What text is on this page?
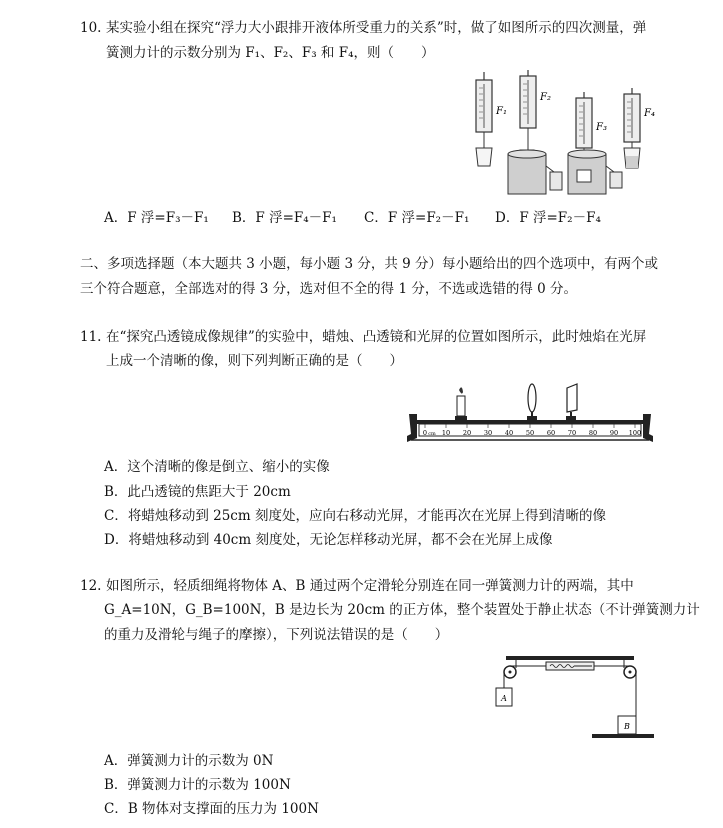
10. 某实验小组在探究“浮力大小跟排开液体所受重力的关系”时，做了如图所示的四次测量，弹
簧测力计的示数分别为 F₁、F₂、F₃ 和 F₄，则（　　）
F₁
F₂
F₃
F₄
A．F 浮=F₃－F₁ B．F 浮=F₄－F₁ C．F 浮=F₂－F₁ D．F 浮=F₂－F₄
二、多项选择题（本大题共 3 小题，每小题 3 分，共 9 分）每小题给出的四个选项中，有两个或
三个符合题意，全部选对的得 3 分，选对但不全的得 1 分，不选或选错的得 0 分。
11. 在“探究凸透镜成像规律”的实验中，蜡烛、凸透镜和光屏的位置如图所示，此时烛焰在光屏
上成一个清晰的像，则下列判断正确的是（　　）
0 cm 10 20 30 40 50 60 70 80 90 100
A．这个清晰的像是倒立、缩小的实像
B．此凸透镜的焦距大于 20cm
C．将蜡烛移动到 25cm 刻度处，应向右移动光屏，才能再次在光屏上得到清晰的像
D．将蜡烛移动到 40cm 刻度处，无论怎样移动光屏，都不会在光屏上成像
12. 如图所示，轻质细绳将物体 A、B 通过两个定滑轮分别连在同一弹簧测力计的两端，其中
G_A=10N，G_B=100N，B 是边长为 20cm 的正方体，整个装置处于静止状态（不计弹簧测力计
的重力及滑轮与绳子的摩擦），下列说法错误的是（　　）
A
B
A．弹簧测力计的示数为 0N
B．弹簧测力计的示数为 100N
C．B 物体对支撑面的压力为 100N
